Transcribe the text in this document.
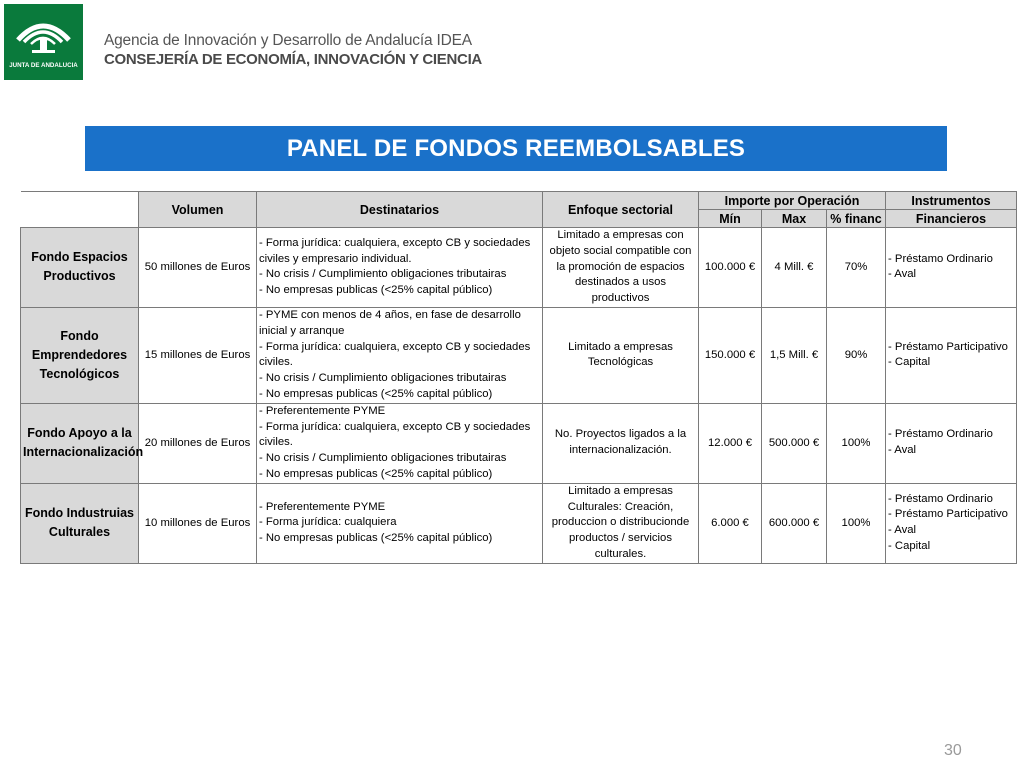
JUNTA DE ANDALUCIA
Agencia de Innovación y Desarrollo de Andalucía IDEA
CONSEJERÍA DE ECONOMÍA, INNOVACIÓN Y CIENCIA
PANEL DE FONDOS REEMBOLSABLES
	Volumen	Destinatarios	Enfoque sectorial	Importe por Operación			Instrumentos
				Mín	Max	% financ	Financieros
Fondo Espacios Productivos	50 millones de Euros	- Forma jurídica: cualquiera, excepto CB y sociedades civiles y empresario individual.
- No crisis / Cumplimiento obligaciones tributairas
- No empresas publicas (<25% capital público)	Limitado a empresas con objeto social compatible con la promoción de espacios destinados a usos productivos	100.000 €	4 Mill. €	70%	- Préstamo Ordinario
- Aval

Fondo Emprendedores Tecnológicos	15 millones de Euros	- PYME con menos de 4 años, en fase de desarrollo inicial y arranque
- Forma jurídica: cualquiera, excepto CB y sociedades civiles.
- No crisis / Cumplimiento obligaciones tributairas
- No empresas publicas (<25% capital público)	Limitado a empresas Tecnológicas	150.000 €	1,5 Mill. €	90%	- Préstamo Participativo
- Capital

Fondo Apoyo a la Internacionalización	20 millones de Euros	- Preferentemente PYME
- Forma jurídica: cualquiera, excepto CB y sociedades civiles.
- No crisis / Cumplimiento obligaciones tributairas
- No empresas publicas (<25% capital público)	No. Proyectos ligados a la internacionalización.	12.000 €	500.000 €	100%	- Préstamo Ordinario
- Aval

Fondo Industruias Culturales	10 millones de Euros	- Preferentemente PYME
- Forma jurídica: cualquiera
- No empresas publicas (<25% capital público)	Limitado a empresas Culturales: Creación, produccion o distribucionde productos / servicios culturales.	6.000 €	600.000 €	100%	- Préstamo Ordinario
- Préstamo Participativo
- Aval
- Capital
30
